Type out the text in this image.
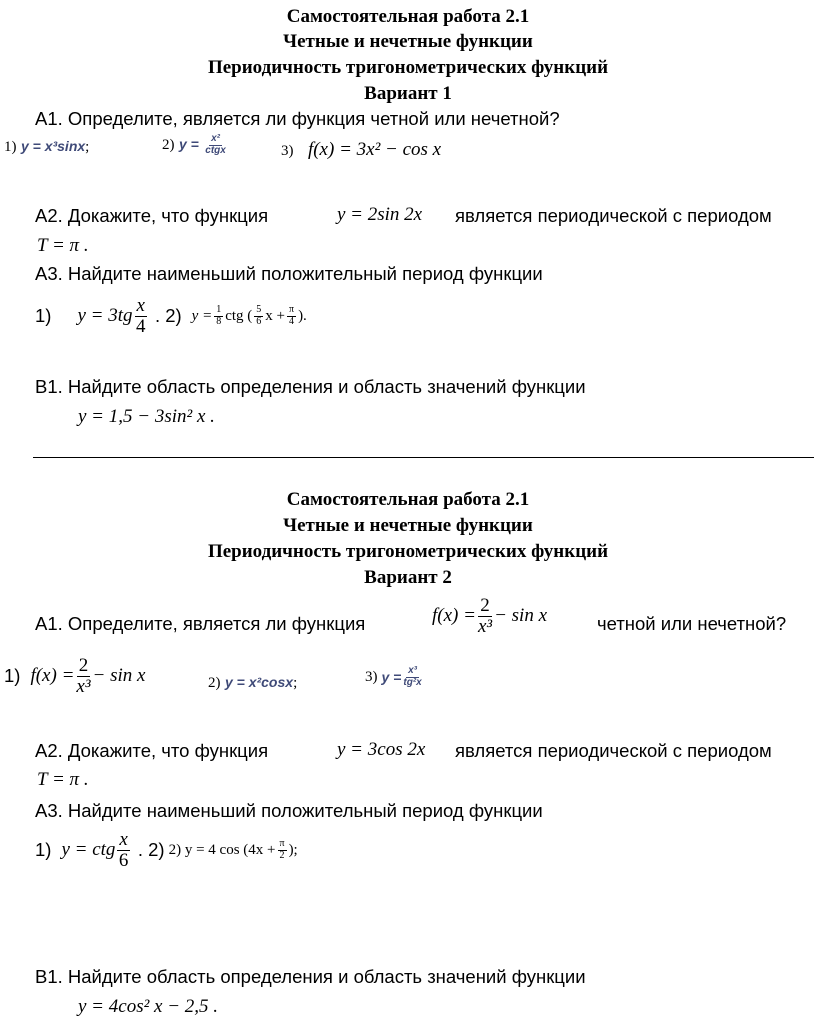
Самостоятельная работа 2.1
Четные и нечетные функции
Периодичность тригонометрических функций
Вариант 1
А1. Определите, является ли функция четной или нечетной?
1) y = x³sinx;	2) $y = \frac{\text{x²}}{\text{ctgx}}$	3) f(x) = 3x² − cos x
А2. Докажите, что функция	y = 2sin 2x является периодической с периодом
T = π .
А3. Найдите наименьший положительный период функции
1) $y = 3tg \frac{x}{4}$ . 2) $y = \frac{1}{8}$ ctg ( $\frac{5}{6}$ $x + \frac{\pi}{4}$ ).
В1. Найдите область определения и область значений функции
y = 1,5 − 3sin² x .
Самостоятельная работа 2.1
Четные и нечетные функции
Периодичность тригонометрических функций
Вариант 2
А1. Определите, является ли функция	$f(x) = \frac{2}{\text{x³}} - \sin x$	четной или нечетной?
1) $f(x) = \frac{2}{\text{x³}} - \sin x$	2) y = x²cosx;	3) $y = \frac{\text{x³}}{\text{tg²x}}$
А2. Докажите, что функция	y = 3cos 2x является периодической с периодом
T = π .
А3. Найдите наименьший положительный период функции
1) y = ctg $\frac{x}{6}$ . 2) 2) y = 4 $\cos (4x + \frac{\pi}{2}$ );
В1. Найдите область определения и область значений функции
y = 4cos² x − 2,5 .
